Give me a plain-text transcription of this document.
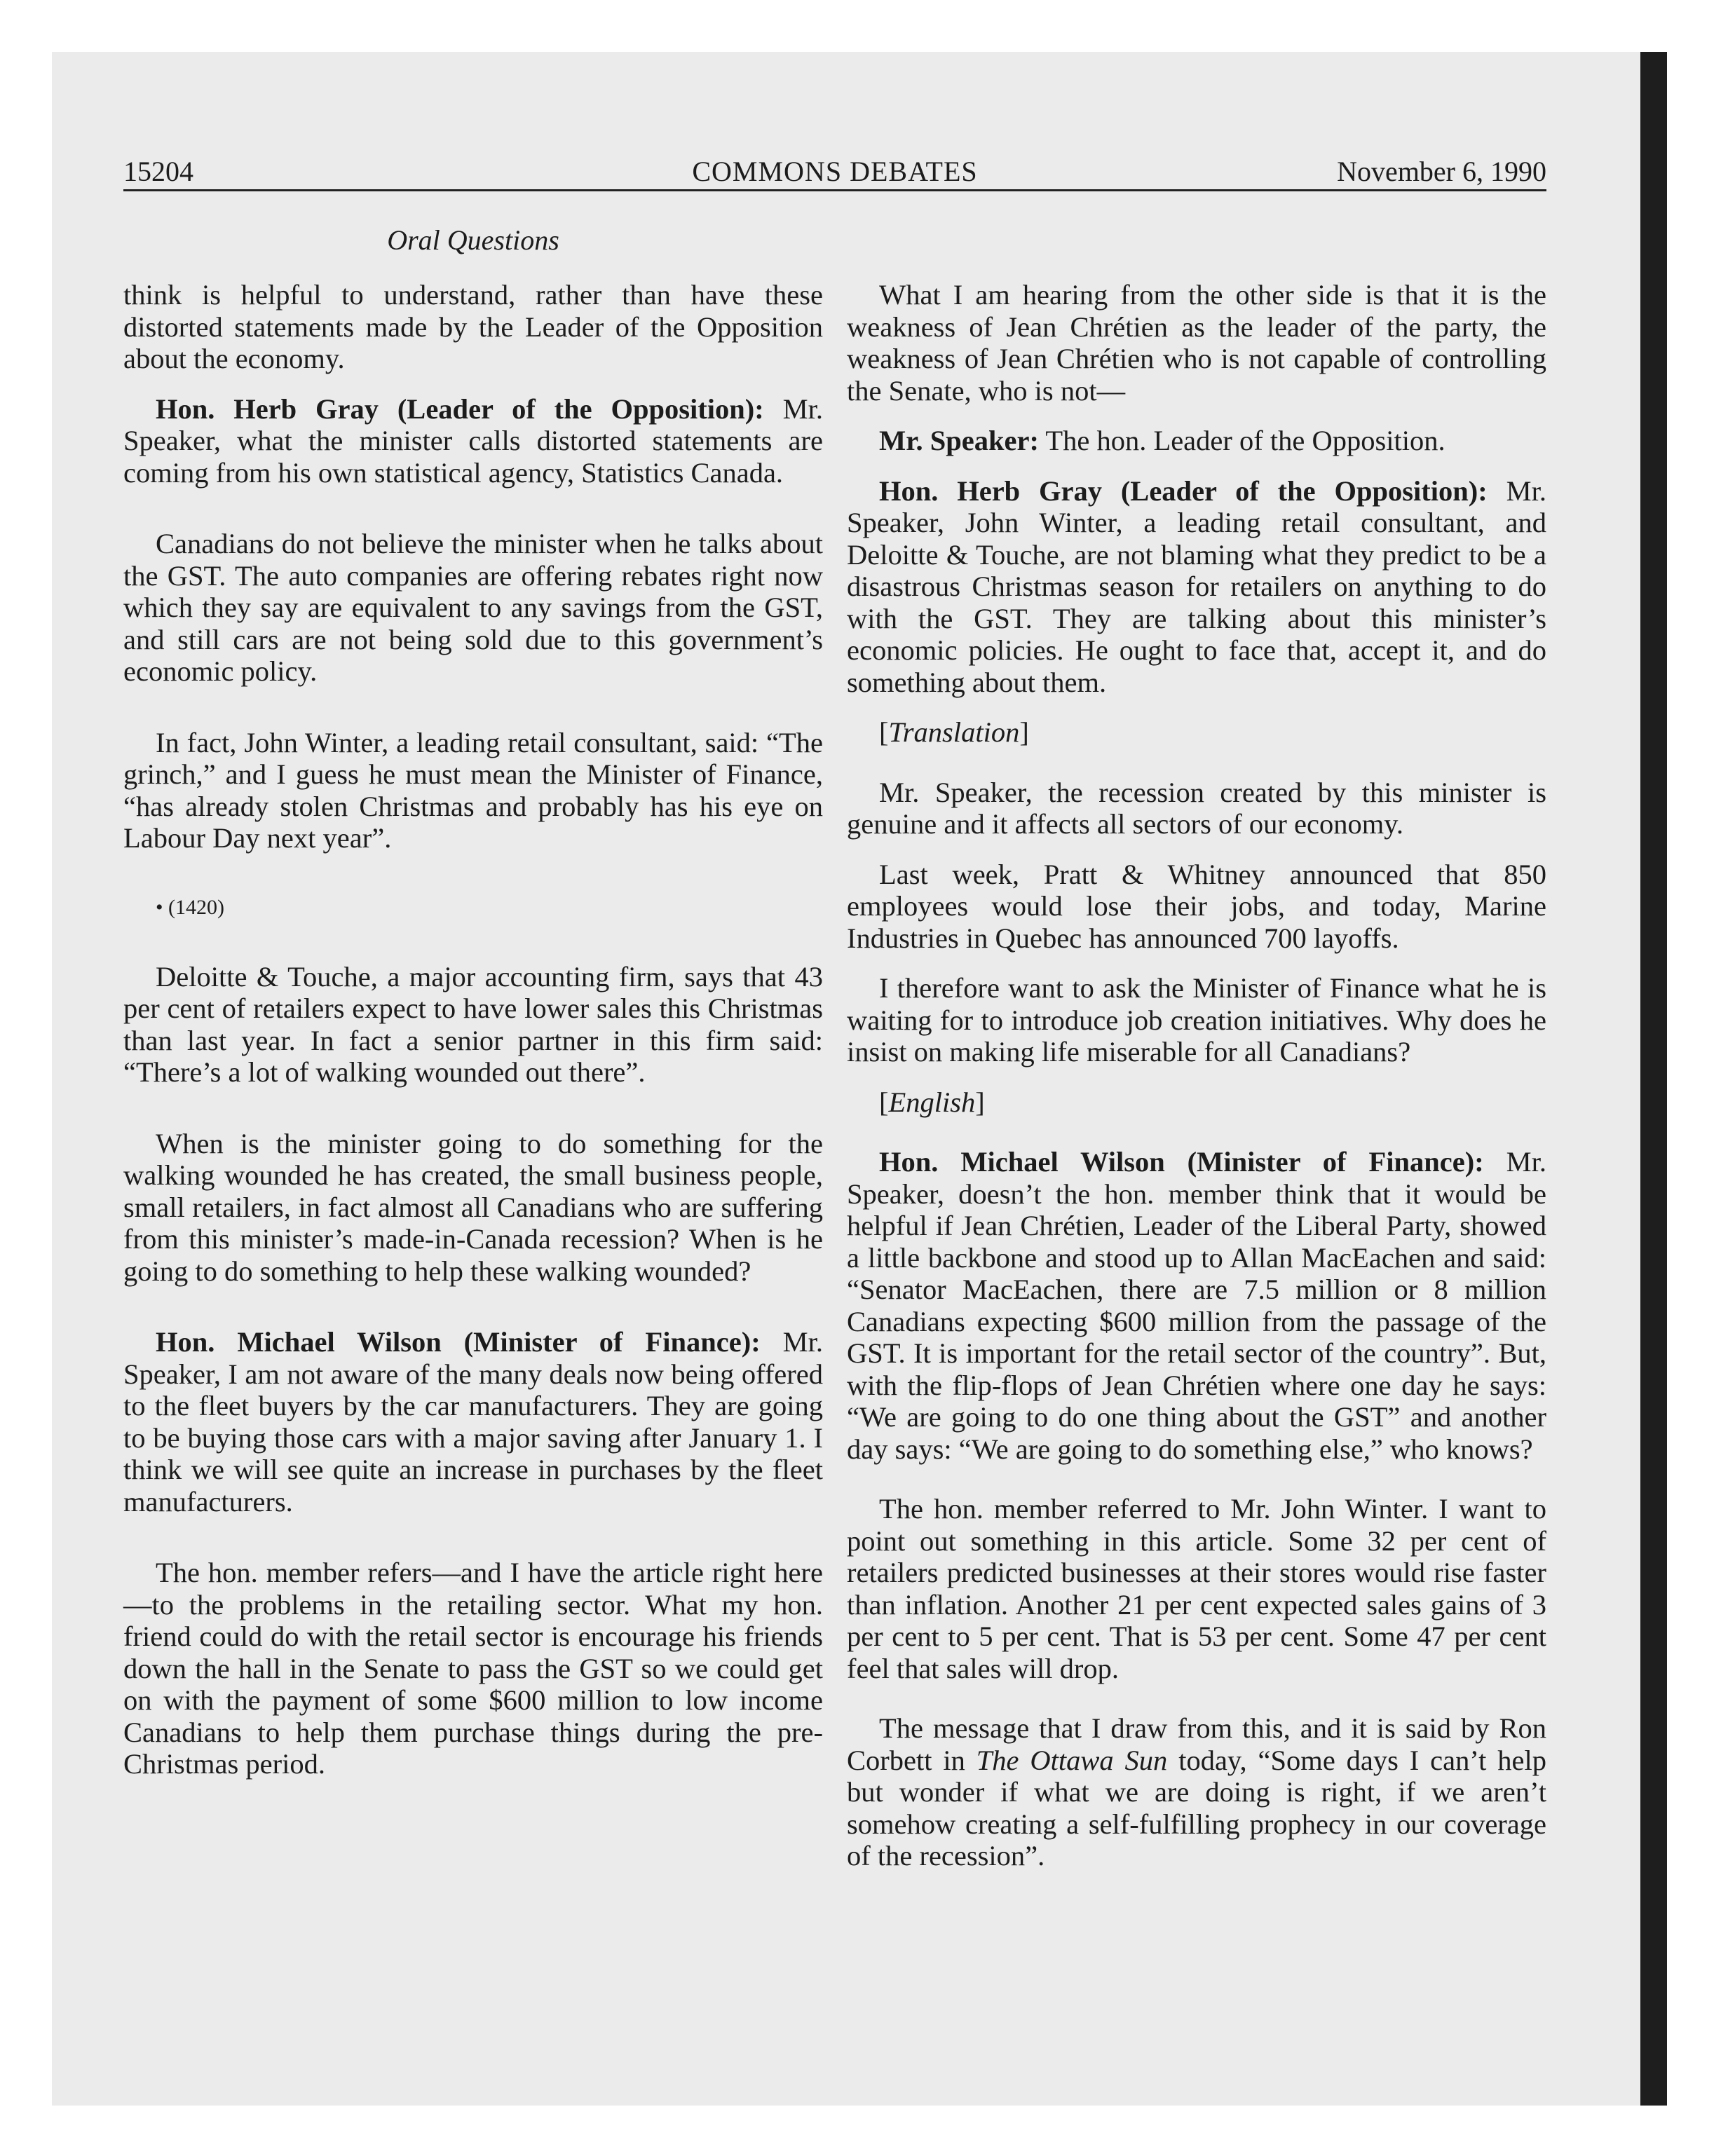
15204	COMMONS DEBATES	November 6, 1990
Oral Questions

think is helpful to understand, rather than have these distorted statements made by the Leader of the Opposition about the economy.

Hon. Herb Gray (Leader of the Opposition): Mr. Speaker, what the minister calls distorted statements are coming from his own statistical agency, Statistics Canada.

Canadians do not believe the minister when he talks about the GST. The auto companies are offering rebates right now which they say are equivalent to any savings from the GST, and still cars are not being sold due to this government’s economic policy.

In fact, John Winter, a leading retail consultant, said: “The grinch,” and I guess he must mean the Minister of Finance, “has already stolen Christmas and probably has his eye on Labour Day next year”.

• (1420)

Deloitte & Touche, a major accounting firm, says that 43 per cent of retailers expect to have lower sales this Christmas than last year. In fact a senior partner in this firm said: “There’s a lot of walking wounded out there”.

When is the minister going to do something for the walking wounded he has created, the small business people, small retailers, in fact almost all Canadians who are suffering from this minister’s made-in-Canada recession? When is he going to do something to help these walking wounded?

Hon. Michael Wilson (Minister of Finance): Mr. Speaker, I am not aware of the many deals now being offered to the fleet buyers by the car manufacturers. They are going to be buying those cars with a major saving after January 1. I think we will see quite an increase in purchases by the fleet manufacturers.

The hon. member refers—and I have the article right here—to the problems in the retailing sector. What my hon. friend could do with the retail sector is encourage his friends down the hall in the Senate to pass the GST so we could get on with the payment of some $600 million to low income Canadians to help them purchase things during the pre-Christmas period.

What I am hearing from the other side is that it is the weakness of Jean Chrétien as the leader of the party, the weakness of Jean Chrétien who is not capable of controlling the Senate, who is not—

Mr. Speaker: The hon. Leader of the Opposition.

Hon. Herb Gray (Leader of the Opposition): Mr. Speaker, John Winter, a leading retail consultant, and Deloitte & Touche, are not blaming what they predict to be a disastrous Christmas season for retailers on anything to do with the GST. They are talking about this minister’s economic policies. He ought to face that, accept it, and do something about them.

[Translation]

Mr. Speaker, the recession created by this minister is genuine and it affects all sectors of our economy.

Last week, Pratt & Whitney announced that 850 employees would lose their jobs, and today, Marine Industries in Quebec has announced 700 layoffs.

I therefore want to ask the Minister of Finance what he is waiting for to introduce job creation initiatives. Why does he insist on making life miserable for all Canadians?

[English]

Hon. Michael Wilson (Minister of Finance): Mr. Speaker, doesn’t the hon. member think that it would be helpful if Jean Chrétien, Leader of the Liberal Party, showed a little backbone and stood up to Allan MacEachen and said: “Senator MacEachen, there are 7.5 million or 8 million Canadians expecting $600 million from the passage of the GST. It is important for the retail sector of the country”. But, with the flip-flops of Jean Chrétien where one day he says: “We are going to do one thing about the GST” and another day says: “We are going to do something else,” who knows?

The hon. member referred to Mr. John Winter. I want to point out something in this article. Some 32 per cent of retailers predicted businesses at their stores would rise faster than inflation. Another 21 per cent expected sales gains of 3 per cent to 5 per cent. That is 53 per cent. Some 47 per cent feel that sales will drop.

The message that I draw from this, and it is said by Ron Corbett in The Ottawa Sun today, “Some days I can’t help but wonder if what we are doing is right, if we aren’t somehow creating a self-fulfilling prophecy in our coverage of the recession”.
